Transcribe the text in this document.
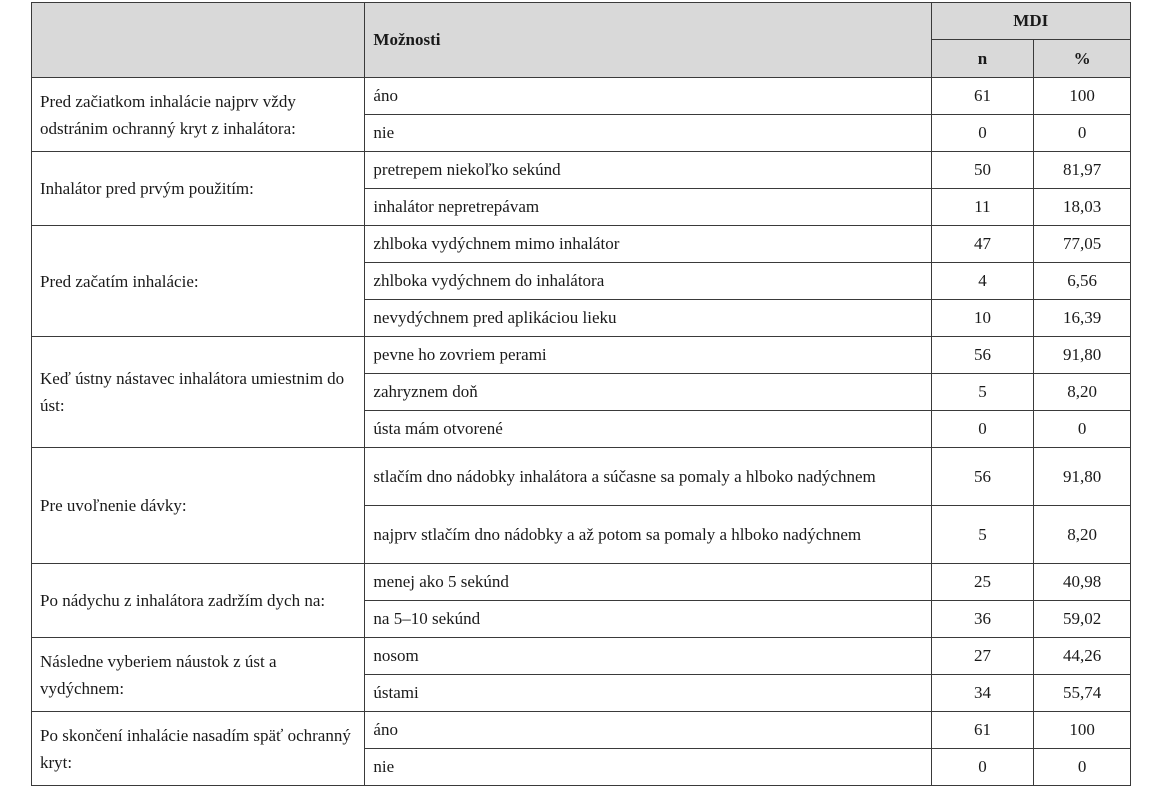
	Možnosti	MDI	
		n	%
Pred začiatkom inhalácie najprv vždy odstránim ochranný kryt z inhalátora:	áno	61	100
	nie	0	0
Inhalátor pred prvým použitím:	pretrepem niekoľko sekúnd	50	81,97
	inhalátor nepretrepávam	11	18,03
Pred začatím inhalácie:	zhlboka vydýchnem mimo inhalátor	47	77,05
	zhlboka vydýchnem do inhalátora	4	6,56
	nevydýchnem pred aplikáciou lieku	10	16,39
Keď ústny nástavec inhalátora umiestnim do úst:	pevne ho zovriem perami	56	91,80
	zahryznem doň	5	8,20
	ústa mám otvorené	0	0
Pre uvoľnenie dávky:	stlačím dno nádobky inhalátora a súčasne sa pomaly a hlboko nadýchnem	56	91,80
	najprv stlačím dno nádobky a až potom sa pomaly a hlboko nadýchnem	5	8,20
Po nádychu z inhalátora zadržím dych na:	menej ako 5 sekúnd	25	40,98
	na 5–10 sekúnd	36	59,02
Následne vyberiem náustok z úst a vydýchnem:	nosom	27	44,26
	ústami	34	55,74
Po skončení inhalácie nasadím späť ochranný kryt:	áno	61	100
	nie	0	0
